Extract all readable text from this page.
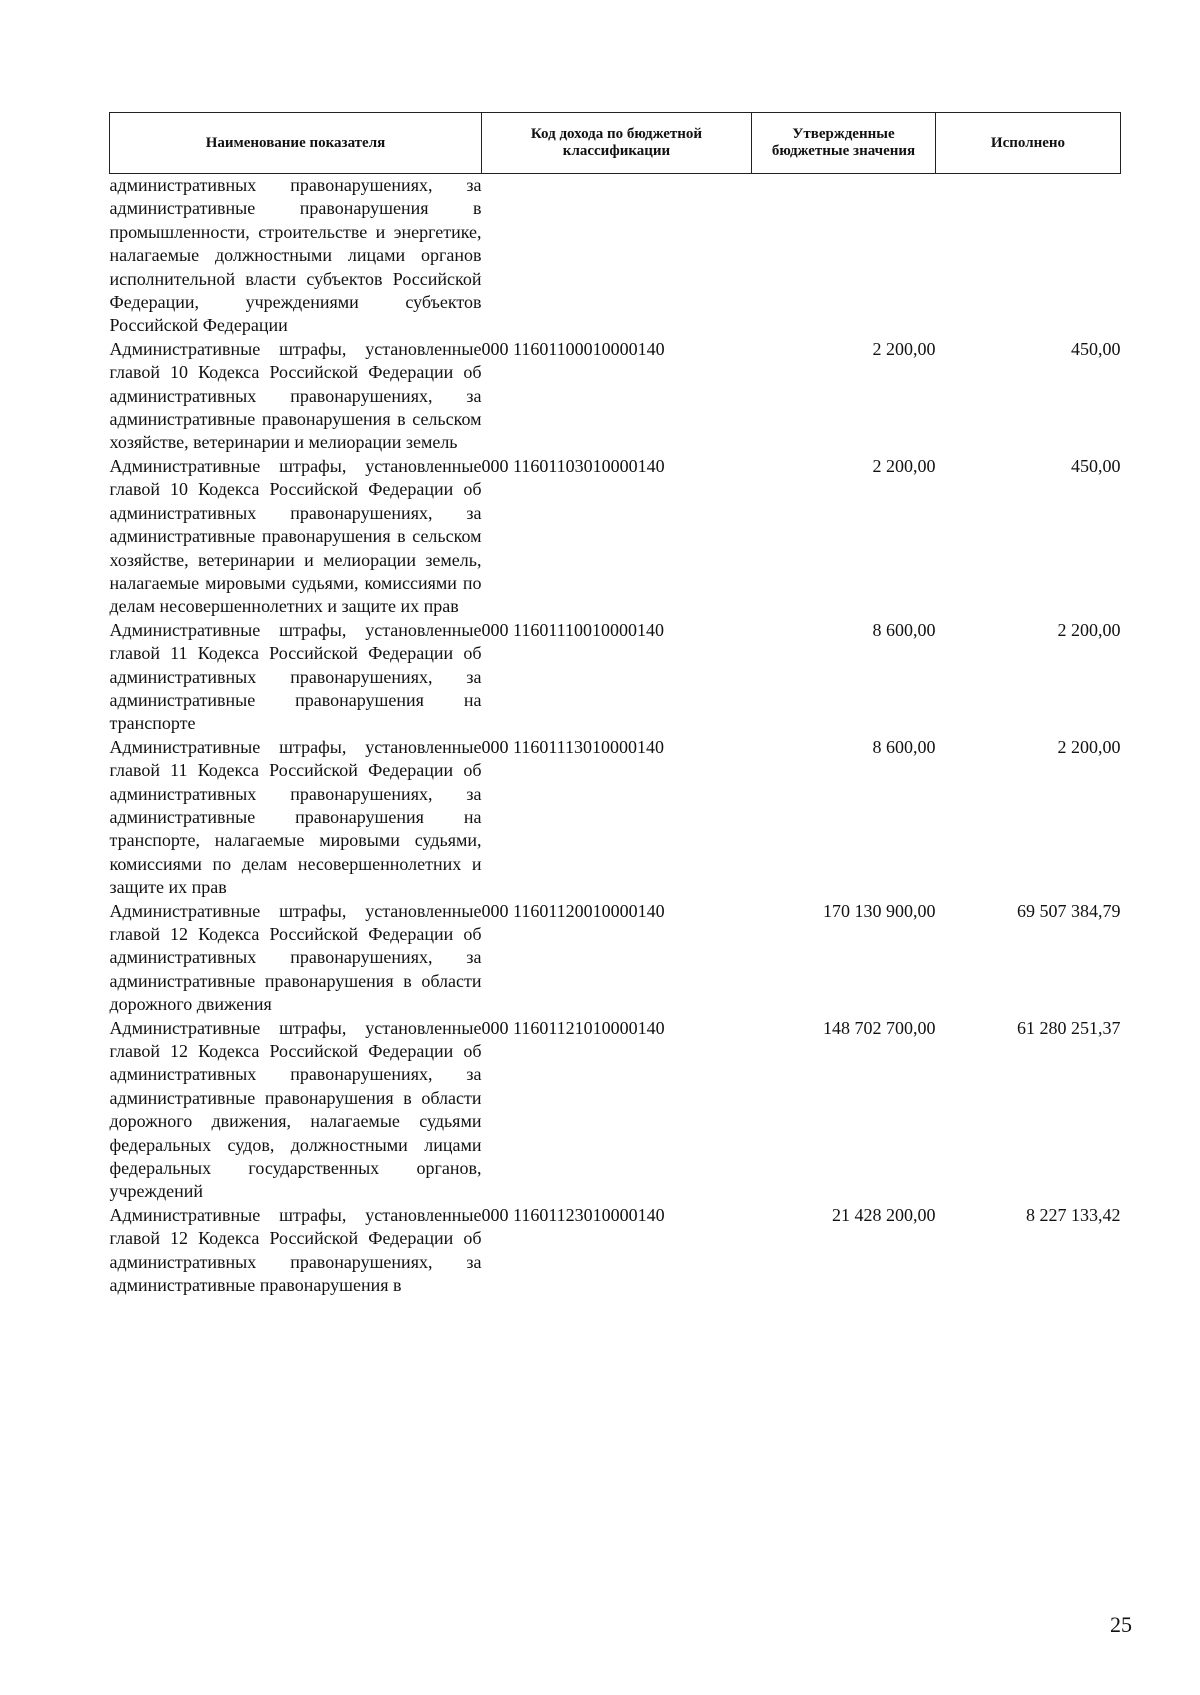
Наименование показателя	Код дохода по бюджетной классификации	Утвержденные бюджетные значения	Исполнено
административных правонарушениях, за административные правонарушения в промышленности, строительстве и энергетике, налагаемые должностными лицами органов исполнительной власти субъектов Российской Федерации, учреждениями субъектов Российской Федерации			
Административные штрафы, установленные главой 10 Кодекса Российской Федерации об административных правонарушениях, за административные правонарушения в сельском хозяйстве, ветеринарии и мелиорации земель	000 11601100010000140	2 200,00	450,00
Административные штрафы, установленные главой 10 Кодекса Российской Федерации об административных правонарушениях, за административные правонарушения в сельском хозяйстве, ветеринарии и мелиорации земель, налагаемые мировыми судьями, комиссиями по делам несовершеннолетних и защите их прав	000 11601103010000140	2 200,00	450,00
Административные штрафы, установленные главой 11 Кодекса Российской Федерации об административных правонарушениях, за административные правонарушения на транспорте	000 11601110010000140	8 600,00	2 200,00
Административные штрафы, установленные главой 11 Кодекса Российской Федерации об административных правонарушениях, за административные правонарушения на транспорте, налагаемые мировыми судьями, комиссиями по делам несовершеннолетних и защите их прав	000 11601113010000140	8 600,00	2 200,00
Административные штрафы, установленные главой 12 Кодекса Российской Федерации об административных правонарушениях, за административные правонарушения в области дорожного движения	000 11601120010000140	170 130 900,00	69 507 384,79
Административные штрафы, установленные главой 12 Кодекса Российской Федерации об административных правонарушениях, за административные правонарушения в области дорожного движения, налагаемые судьями федеральных судов, должностными лицами федеральных государственных органов, учреждений	000 11601121010000140	148 702 700,00	61 280 251,37
Административные штрафы, установленные главой 12 Кодекса Российской Федерации об административных правонарушениях, за административные правонарушения в	000 11601123010000140	21 428 200,00	8 227 133,42
25
